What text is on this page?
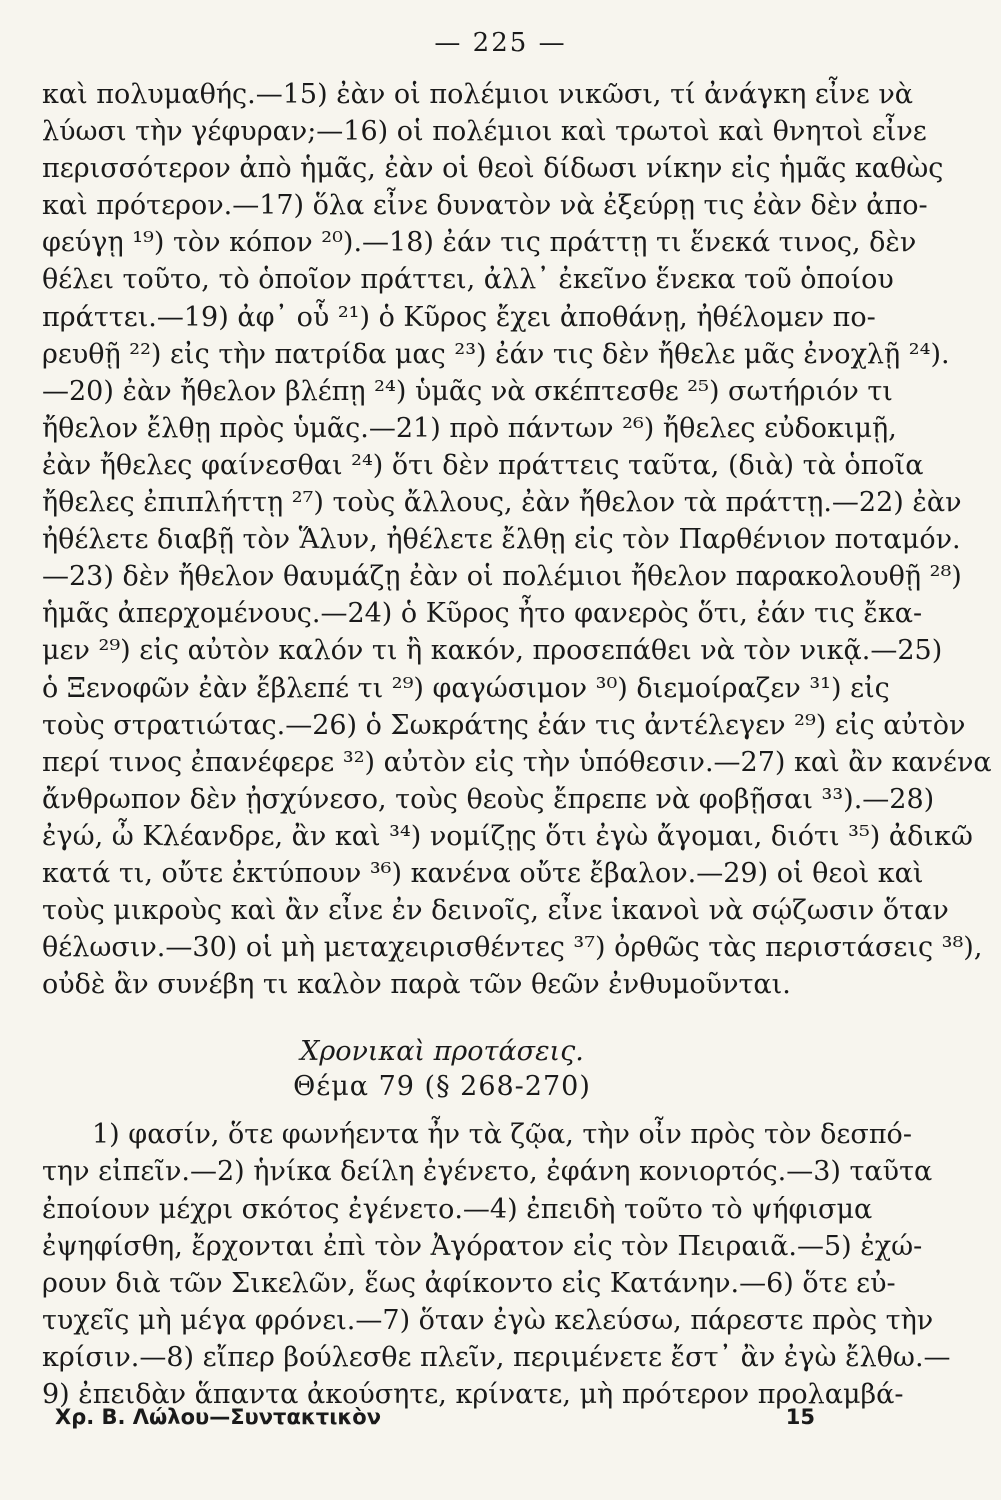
— 225 —
καὶ πολυμαθής.—15) ἐὰν οἱ πολέμιοι νικῶσι, τί ἀνάγκη εἶνε νὰ
λύωσι τὴν γέφυραν;—16) οἱ πολέμιοι καὶ τρωτοὶ καὶ θνητοὶ εἶνε
περισσότερον ἀπὸ ἡμᾶς, ἐὰν οἱ θεοὶ δίδωσι νίκην εἰς ἡμᾶς καθὼς
καὶ πρότερον.—17) ὅλα εἶνε δυνατὸν νὰ ἐξεύρῃ τις ἐὰν δὲν ἀπο-
φεύγῃ ¹⁹) τὸν κόπον ²⁰).—18) ἐάν τις πράττῃ τι ἕνεκά τινος, δὲν
θέλει τοῦτο, τὸ ὁποῖον πράττει, ἀλλ᾽ ἐκεῖνο ἕνεκα τοῦ ὁποίου
πράττει.—19) ἀφ᾽ οὗ ²¹) ὁ Κῦρος ἔχει ἀποθάνῃ, ἠθέλομεν πο-
ρευθῇ ²²) εἰς τὴν πατρίδα μας ²³) ἐάν τις δὲν ἤθελε μᾶς ἐνοχλῇ ²⁴).
—20) ἐὰν ἤθελον βλέπῃ ²⁴) ὑμᾶς νὰ σκέπτεσθε ²⁵) σωτήριόν τι
ἤθελον ἔλθῃ πρὸς ὑμᾶς.—21) πρὸ πάντων ²⁶) ἤθελες εὐδοκιμῇ,
ἐὰν ἤθελες φαίνεσθαι ²⁴) ὅτι δὲν πράττεις ταῦτα, (διὰ) τὰ ὁποῖα
ἤθελες ἐπιπλήττῃ ²⁷) τοὺς ἄλλους, ἐὰν ἤθελον τὰ πράττῃ.—22) ἐὰν
ἠθέλετε διαβῇ τὸν Ἅλυν, ἠθέλετε ἔλθῃ εἰς τὸν Παρθένιον ποταμόν.
—23) δὲν ἤθελον θαυμάζῃ ἐὰν οἱ πολέμιοι ἤθελον παρακολουθῇ ²⁸)
ἡμᾶς ἀπερχομένους.—24) ὁ Κῦρος ἦτο φανερὸς ὅτι, ἐάν τις ἔκα-
μεν ²⁹) εἰς αὐτὸν καλόν τι ἢ κακόν, προσεπάθει νὰ τὸν νικᾷ.—25)
ὁ Ξενοφῶν ἐὰν ἔβλεπέ τι ²⁹) φαγώσιμον ³⁰) διεμοίραζεν ³¹) εἰς
τοὺς στρατιώτας.—26) ὁ Σωκράτης ἐάν τις ἀντέλεγεν ²⁹) εἰς αὐτὸν
περί τινος ἐπανέφερε ³²) αὐτὸν εἰς τὴν ὑπόθεσιν.—27) καὶ ἂν κανένα
ἄνθρωπον δὲν ᾐσχύνεσο, τοὺς θεοὺς ἔπρεπε νὰ φοβῇσαι ³³).—28)
ἐγώ, ὦ Κλέανδρε, ἂν καὶ ³⁴) νομίζῃς ὅτι ἐγὼ ἄγομαι, διότι ³⁵) ἀδικῶ
κατά τι, οὔτε ἐκτύπουν ³⁶) κανένα οὔτε ἔβαλον.—29) οἱ θεοὶ καὶ
τοὺς μικροὺς καὶ ἂν εἶνε ἐν δεινοῖς, εἶνε ἱκανοὶ νὰ σῴζωσιν ὅταν
θέλωσιν.—30) οἱ μὴ μεταχειρισθέντες ³⁷) ὀρθῶς τὰς περιστάσεις ³⁸),
οὐδὲ ἂν συνέβη τι καλὸν παρὰ τῶν θεῶν ἐνθυμοῦνται.
Χρονικαὶ προτάσεις.
Θέμα 79 (§ 268-270)
1) φασίν, ὅτε φωνήεντα ἦν τὰ ζῷα, τὴν οἶν πρὸς τὸν δεσπό-
την εἰπεῖν.—2) ἡνίκα δείλη ἐγένετο, ἐφάνη κονιορτός.—3) ταῦτα
ἐποίουν μέχρι σκότος ἐγένετο.—4) ἐπειδὴ τοῦτο τὸ ψήφισμα
ἐψηφίσθη, ἔρχονται ἐπὶ τὸν Ἀγόρατον εἰς τὸν Πειραιᾶ.—5) ἐχώ-
ρουν διὰ τῶν Σικελῶν, ἕως ἀφίκοντο εἰς Κατάνην.—6) ὅτε εὐ-
τυχεῖς μὴ μέγα φρόνει.—7) ὅταν ἐγὼ κελεύσω, πάρεστε πρὸς τὴν
κρίσιν.—8) εἴπερ βούλεσθε πλεῖν, περιμένετε ἔστ᾽ ἂν ἐγὼ ἔλθω.—
9) ἐπειδὰν ἅπαντα ἀκούσητε, κρίνατε, μὴ πρότερον προλαμβά-
Χρ. Β. Λώλου—Συντακτικὸν	15
